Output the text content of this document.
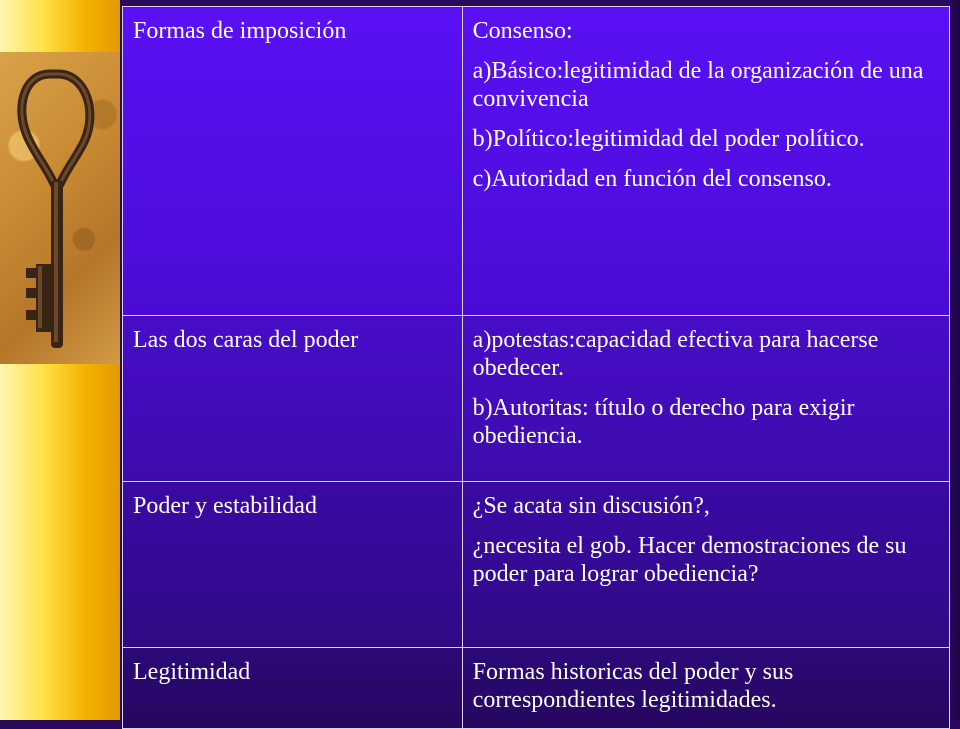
Formas de imposición	Consenso:

a)Básico:legitimidad de la organización de una convivencia

b)Político:legitimidad del poder político.

c)Autoridad en función del consenso.

Las dos caras del poder	a)potestas:capacidad efectiva para hacerse obedecer.

b)Autoritas: título o derecho para exigir obediencia.

Poder y estabilidad	¿Se acata sin discusión?,

¿necesita el gob. Hacer demostraciones de su poder para lograr obediencia?

Legitimidad	Formas historicas del poder y sus correspondientes legitimidades.
